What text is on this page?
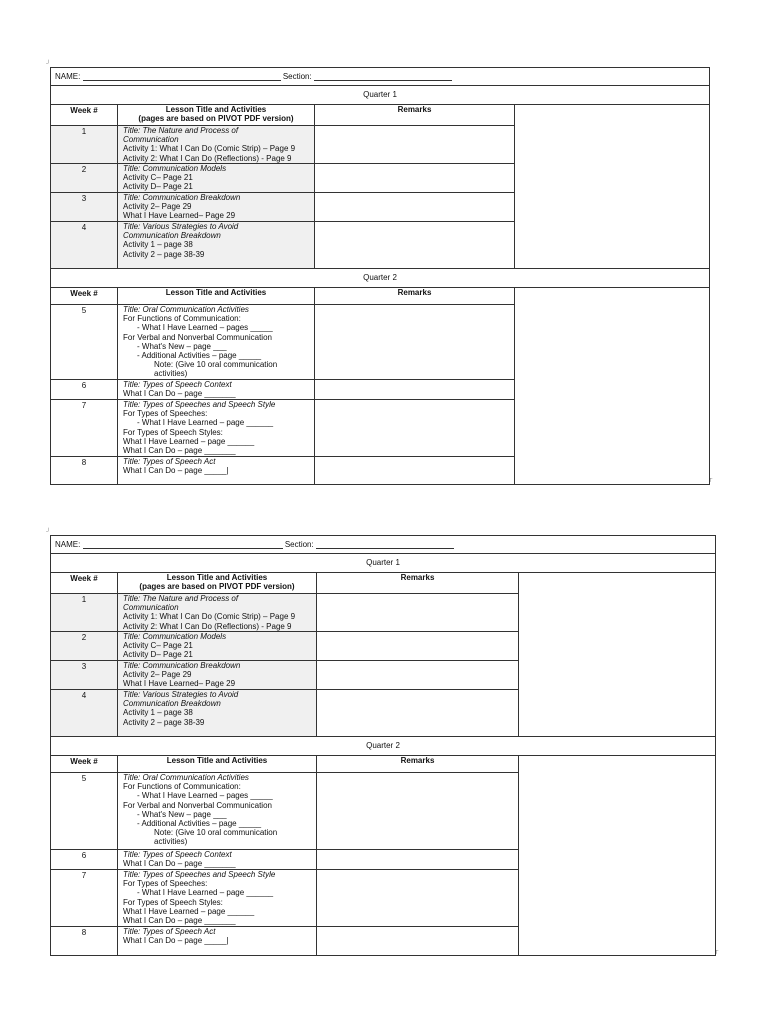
NAME:	Section:
Quarter 1
Week #	Lesson Title and Activities
(pages are based on PIVOT PDF version)
Remarks
1	Title: The Nature and Process of
Communication
Activity 1: What I Can Do (Comic Strip) – Page 9
Activity 2: What I Can Do (Reflections) - Page 9
2	Title: Communication Models
Activity C– Page 21
Activity D– Page 21
3	Title: Communication Breakdown
Activity 2– Page 29
What I Have Learned– Page 29
4	Title: Various Strategies to Avoid
Communication Breakdown
Activity 1 – page 38
Activity 2 – page 38-39
Quarter 2
Week #	Lesson Title and Activities	Remarks
5	Title: Oral Communication Activities
For Functions of Communication:
- What I Have Learned – pages _____
For Verbal and Nonverbal Communication
- What's New – page ___
- Additional Activities – page _____
Note: (Give 10 oral communication
activities)
6	Title: Types of Speech Context
What I Can Do – page _______
7	Title: Types of Speeches and Speech Style
For Types of Speeches:
- What I Have Learned – page ______
For Types of Speech Styles:
What I Have Learned – page ______
What I Can Do – page _______
8	Title: Types of Speech Act
What I Can Do – page _____|
NAME:	Section:
Quarter 1
Week #	Lesson Title and Activities
(pages are based on PIVOT PDF version)
Remarks
1	Title: The Nature and Process of
Communication
Activity 1: What I Can Do (Comic Strip) – Page 9
Activity 2: What I Can Do (Reflections) - Page 9
2	Title: Communication Models
Activity C– Page 21
Activity D– Page 21
3	Title: Communication Breakdown
Activity 2– Page 29
What I Have Learned– Page 29
4	Title: Various Strategies to Avoid
Communication Breakdown
Activity 1 – page 38
Activity 2 – page 38-39
Quarter 2
Week #	Lesson Title and Activities	Remarks
5	Title: Oral Communication Activities
For Functions of Communication:
- What I Have Learned – pages _____
For Verbal and Nonverbal Communication
- What's New – page ___
- Additional Activities – page _____
Note: (Give 10 oral communication
activities)
6	Title: Types of Speech Context
What I Can Do – page _______
7	Title: Types of Speeches and Speech Style
For Types of Speeches:
- What I Have Learned – page ______
For Types of Speech Styles:
What I Have Learned – page ______
What I Can Do – page _______
8	Title: Types of Speech Act
What I Can Do – page _____|
┘
┌
┘
┌
